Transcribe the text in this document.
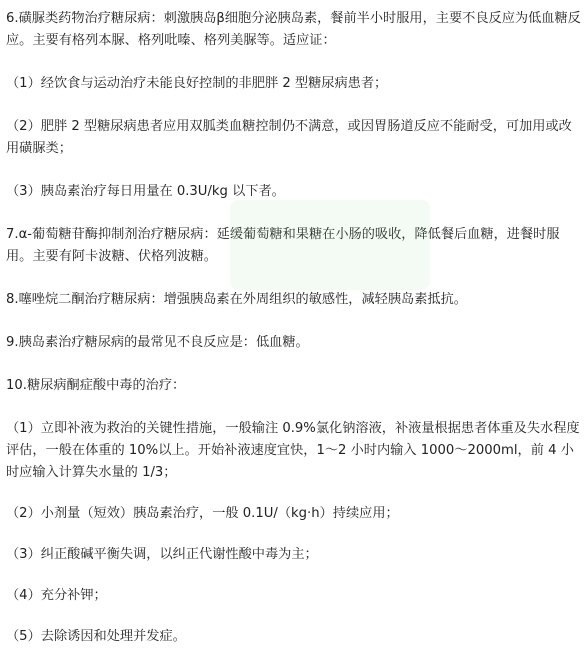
6.磺脲类药物治疗糖尿病：刺激胰岛β细胞分泌胰岛素，餐前半小时服用，主要不良反应为低血糖反应。主要有格列本脲、格列吡嗪、格列美脲等。适应证：

（1）经饮食与运动治疗未能良好控制的非肥胖 2 型糖尿病患者；

（2）肥胖 2 型糖尿病患者应用双胍类血糖控制仍不满意，或因胃肠道反应不能耐受，可加用或改用磺脲类；

（3）胰岛素治疗每日用量在 0.3U/kg 以下者。

7.α-葡萄糖苷酶抑制剂治疗糖尿病：延缓葡萄糖和果糖在小肠的吸收，降低餐后血糖，进餐时服用。主要有阿卡波糖、伏格列波糖。

8.噻唑烷二酮治疗糖尿病：增强胰岛素在外周组织的敏感性，减轻胰岛素抵抗。

9.胰岛素治疗糖尿病的最常见不良反应是：低血糖。

10.糖尿病酮症酸中毒的治疗：

（1）立即补液为救治的关键性措施，一般输注 0.9%氯化钠溶液，补液量根据患者体重及失水程度评估，一般在体重的 10%以上。开始补液速度宜快，1～2 小时内输入 1000～2000ml，前 4 小时应输入计算失水量的 1/3；

（2）小剂量（短效）胰岛素治疗，一般 0.1U/（kg·h）持续应用；

（3）纠正酸碱平衡失调，以纠正代谢性酸中毒为主；

（4）充分补钾；

（5）去除诱因和处理并发症。
